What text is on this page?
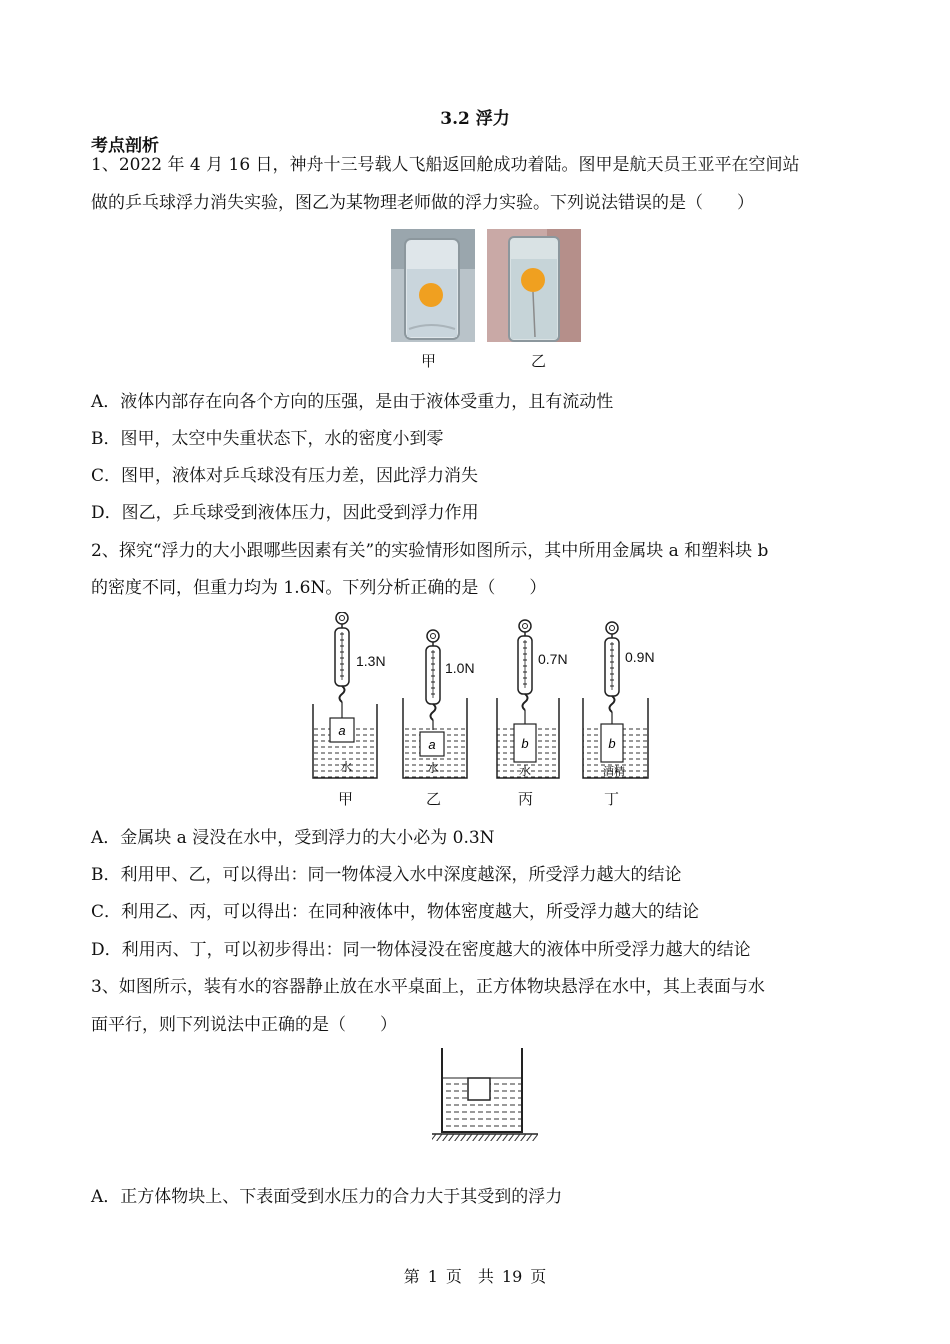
3.2 浮力
考点剖析
1、2022 年 4 月 16 日，神舟十三号载人飞船返回舱成功着陆。图甲是航天员王亚平在空间站
做的乒乓球浮力消失实验，图乙为某物理老师做的浮力实验。下列说法错误的是（　　）
甲	乙
A．液体内部存在向各个方向的压强，是由于液体受重力，且有流动性
B．图甲，太空中失重状态下，水的密度小到零
C．图甲，液体对乒乓球没有压力差，因此浮力消失
D．图乙，乒乓球受到液体压力，因此受到浮力作用
2、探究“浮力的大小跟哪些因素有关”的实验情形如图所示，其中所用金属块 a 和塑料块 b
的密度不同，但重力均为 1.6N。下列分析正确的是（　　）
1.3N
a
水
1.0N
a
水
0.7N
b
水
0.9N
b
酒精
甲	乙	丙	丁
A．金属块 a 浸没在水中，受到浮力的大小必为 0.3N
B．利用甲、乙，可以得出：同一物体浸入水中深度越深，所受浮力越大的结论
C．利用乙、丙，可以得出：在同种液体中，物体密度越大，所受浮力越大的结论
D．利用丙、丁，可以初步得出：同一物体浸没在密度越大的液体中所受浮力越大的结论
3、如图所示，装有水的容器静止放在水平桌面上，正方体物块悬浮在水中，其上表面与水
面平行，则下列说法中正确的是（　　）
A．正方体物块上、下表面受到水压力的合力大于其受到的浮力
第 1 页　共 19 页
